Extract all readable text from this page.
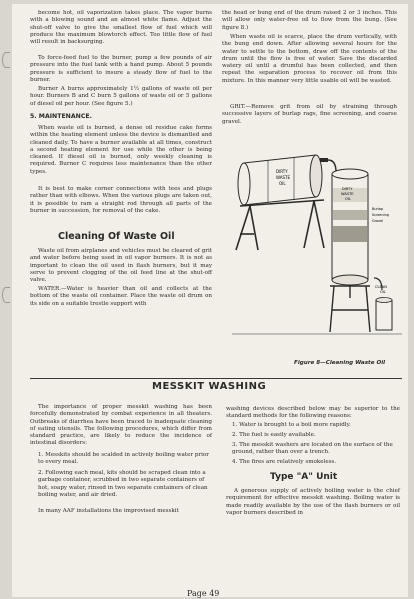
become hot, oil vaporization takes place. The vapor burns with a blowing sound and an almost white flame. Adjust the shut-off valve to give the smallest flow of fuel which will produce the maximum blowtorch effect. Too little flow of fuel will result in backsurging.

To force-feed fuel to the burner, pump a few pounds of air pressure into the fuel tank with a hand pump. About 5 pounds pressure is sufficient to insure a steady flow of fuel to the burner.

Burner A burns approximately 1½ gallons of waste oil per hour. Burners B and C burn 5 gallons of waste oil or 5 gallons of diesel oil per hour. (See figure 5.)

5. MAINTENANCE.

When waste oil is burned, a dense oil residue cake forms within the heating element unless the device is dismantled and cleaned daily. To have a burner available at all times, construct a second heating element for use while the other is being cleaned. If diesel oil is burned, only weekly cleaning is required. Burner C requires less maintenance than the other types.

It is best to make corner connections with tees and plugs rather than with elbows. When the various plugs are taken out, it is possible to ram a straight rod through all parts of the burner in succession, for removal of the cake.

Cleaning Of Waste Oil

Waste oil from airplanes and vehicles must be cleared of grit and water before being used in oil vapor burners. It is not as important to clean the oil used in flash burners, but it may serve to prevent clogging of the oil feed line at the shut-off valve.

WATER.—Water is heavier than oil and collects at the bottom of the waste oil container. Place the waste oil drum on its side on a suitable trestle support with

the head or bung end of the drum raised 2 or 3 inches. This will allow only water-free oil to flow from the bung. (See figure 8.)

When waste oil is scarce, place the drum vertically, with the bung end down. After allowing several hours for the water to settle to the bottom, draw off the contents of the drum until the flow is free of water. Save the discarded watery oil until a drumful has been collected, and then repeat the separation process to recover oil from this mixture. In this manner very little usable oil will be wasted.

GRIT.—Remove grit from oil by straining through successive layers of burlap rags, fine screening, and coarse gravel.

DIRTY
WASTE
OIL
DIRTY
WASTE
OIL
Burlap
Screening
Gravel
CLEAN
OIL

Figure 8—Cleaning Waste Oil

MESSKIT WASHING

The importance of proper messkit washing has been forcefully demonstrated by combat experience in all theaters. Outbreaks of diarrhea have been traced to inadequate cleaning of eating utensils. The following procedures, which differ from standard practice, are likely to reduce the incidence of intestinal disorders:

1. Messkits should be scalded in actively boiling water prior to every meal.

2. Following each meal, kits should be scraped clean into a garbage container, scrubbed in two separate containers of hot, soapy water, rinsed in two separate containers of clean boiling water, and air dried.

In many AAF installations the improvised messkit

washing devices described below may be superior to the standard methods for the following reasons:

1. Water is brought to a boil more rapidly.

2. The fuel is easily available.

3. The messkit washers are located on the surface of the ground, rather than over a trench.

4. The fires are relatively smokeless.

Type "A" Unit

A generous supply of actively boiling water is the chief requirement for effective messkit washing. Boiling water is made readily available by the use of the flash burners or oil vapor burners described in

Page 49
